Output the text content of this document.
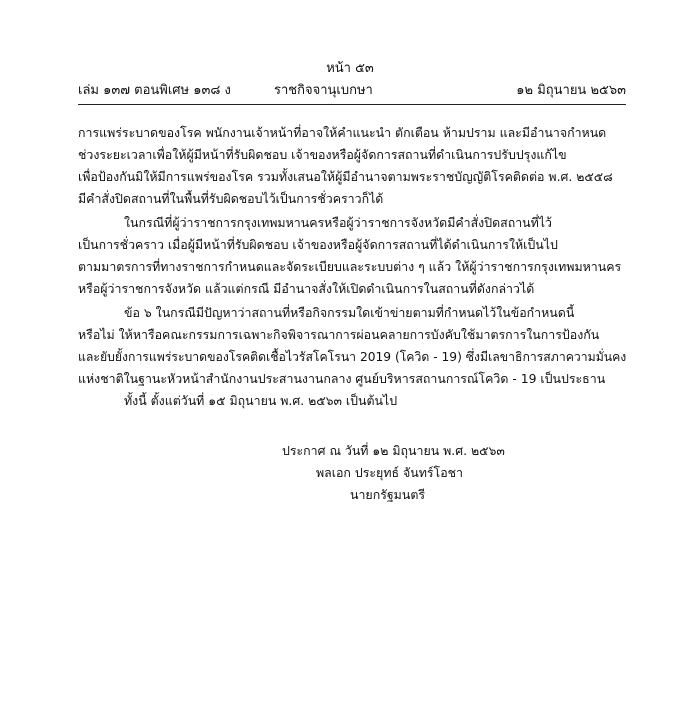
หน้า ๕๓
เล่ม ๑๓๗ ตอนพิเศษ ๑๓๘ ง	ราชกิจจานุเบกษา	๑๒ มิถุนายน ๒๕๖๓
การแพร่ระบาดของโรค พนักงานเจ้าหน้าที่อาจให้คำแนะนำ ตักเตือน ห้ามปราม และมีอำนาจกำหนด
ช่วงระยะเวลาเพื่อให้ผู้มีหน้าที่รับผิดชอบ เจ้าของหรือผู้จัดการสถานที่ดำเนินการปรับปรุงแก้ไข
เพื่อป้องกันมิให้มีการแพร่ของโรค รวมทั้งเสนอให้ผู้มีอำนาจตามพระราชบัญญัติโรคติดต่อ พ.ศ. ๒๕๕๘
มีคำสั่งปิดสถานที่ในพื้นที่รับผิดชอบไว้เป็นการชั่วคราวก็ได้
ในกรณีที่ผู้ว่าราชการกรุงเทพมหานครหรือผู้ว่าราชการจังหวัดมีคำสั่งปิดสถานที่ไว้
เป็นการชั่วคราว เมื่อผู้มีหน้าที่รับผิดชอบ เจ้าของหรือผู้จัดการสถานที่ได้ดำเนินการให้เป็นไป
ตามมาตรการที่ทางราชการกำหนดและจัดระเบียบและระบบต่าง ๆ แล้ว ให้ผู้ว่าราชการกรุงเทพมหานคร
หรือผู้ว่าราชการจังหวัด แล้วแต่กรณี มีอำนาจสั่งให้เปิดดำเนินการในสถานที่ดังกล่าวได้
ข้อ ๖ ในกรณีมีปัญหาว่าสถานที่หรือกิจกรรมใดเข้าข่ายตามที่กำหนดไว้ในข้อกำหนดนี้
หรือไม่ ให้หารือคณะกรรมการเฉพาะกิจพิจารณาการผ่อนคลายการบังคับใช้มาตรการในการป้องกัน
และยับยั้งการแพร่ระบาดของโรคติดเชื้อไวรัสโคโรนา 2019 (โควิด - 19) ซึ่งมีเลขาธิการสภาความมั่นคง
แห่งชาติในฐานะหัวหน้าสำนักงานประสานงานกลาง ศูนย์บริหารสถานการณ์โควิด - 19 เป็นประธาน
ทั้งนี้ ตั้งแต่วันที่ ๑๕ มิถุนายน พ.ศ. ๒๕๖๓ เป็นต้นไป
ประกาศ ณ วันที่ ๑๒ มิถุนายน พ.ศ. ๒๕๖๓
พลเอก ประยุทธ์ จันทร์โอชา
นายกรัฐมนตรี
